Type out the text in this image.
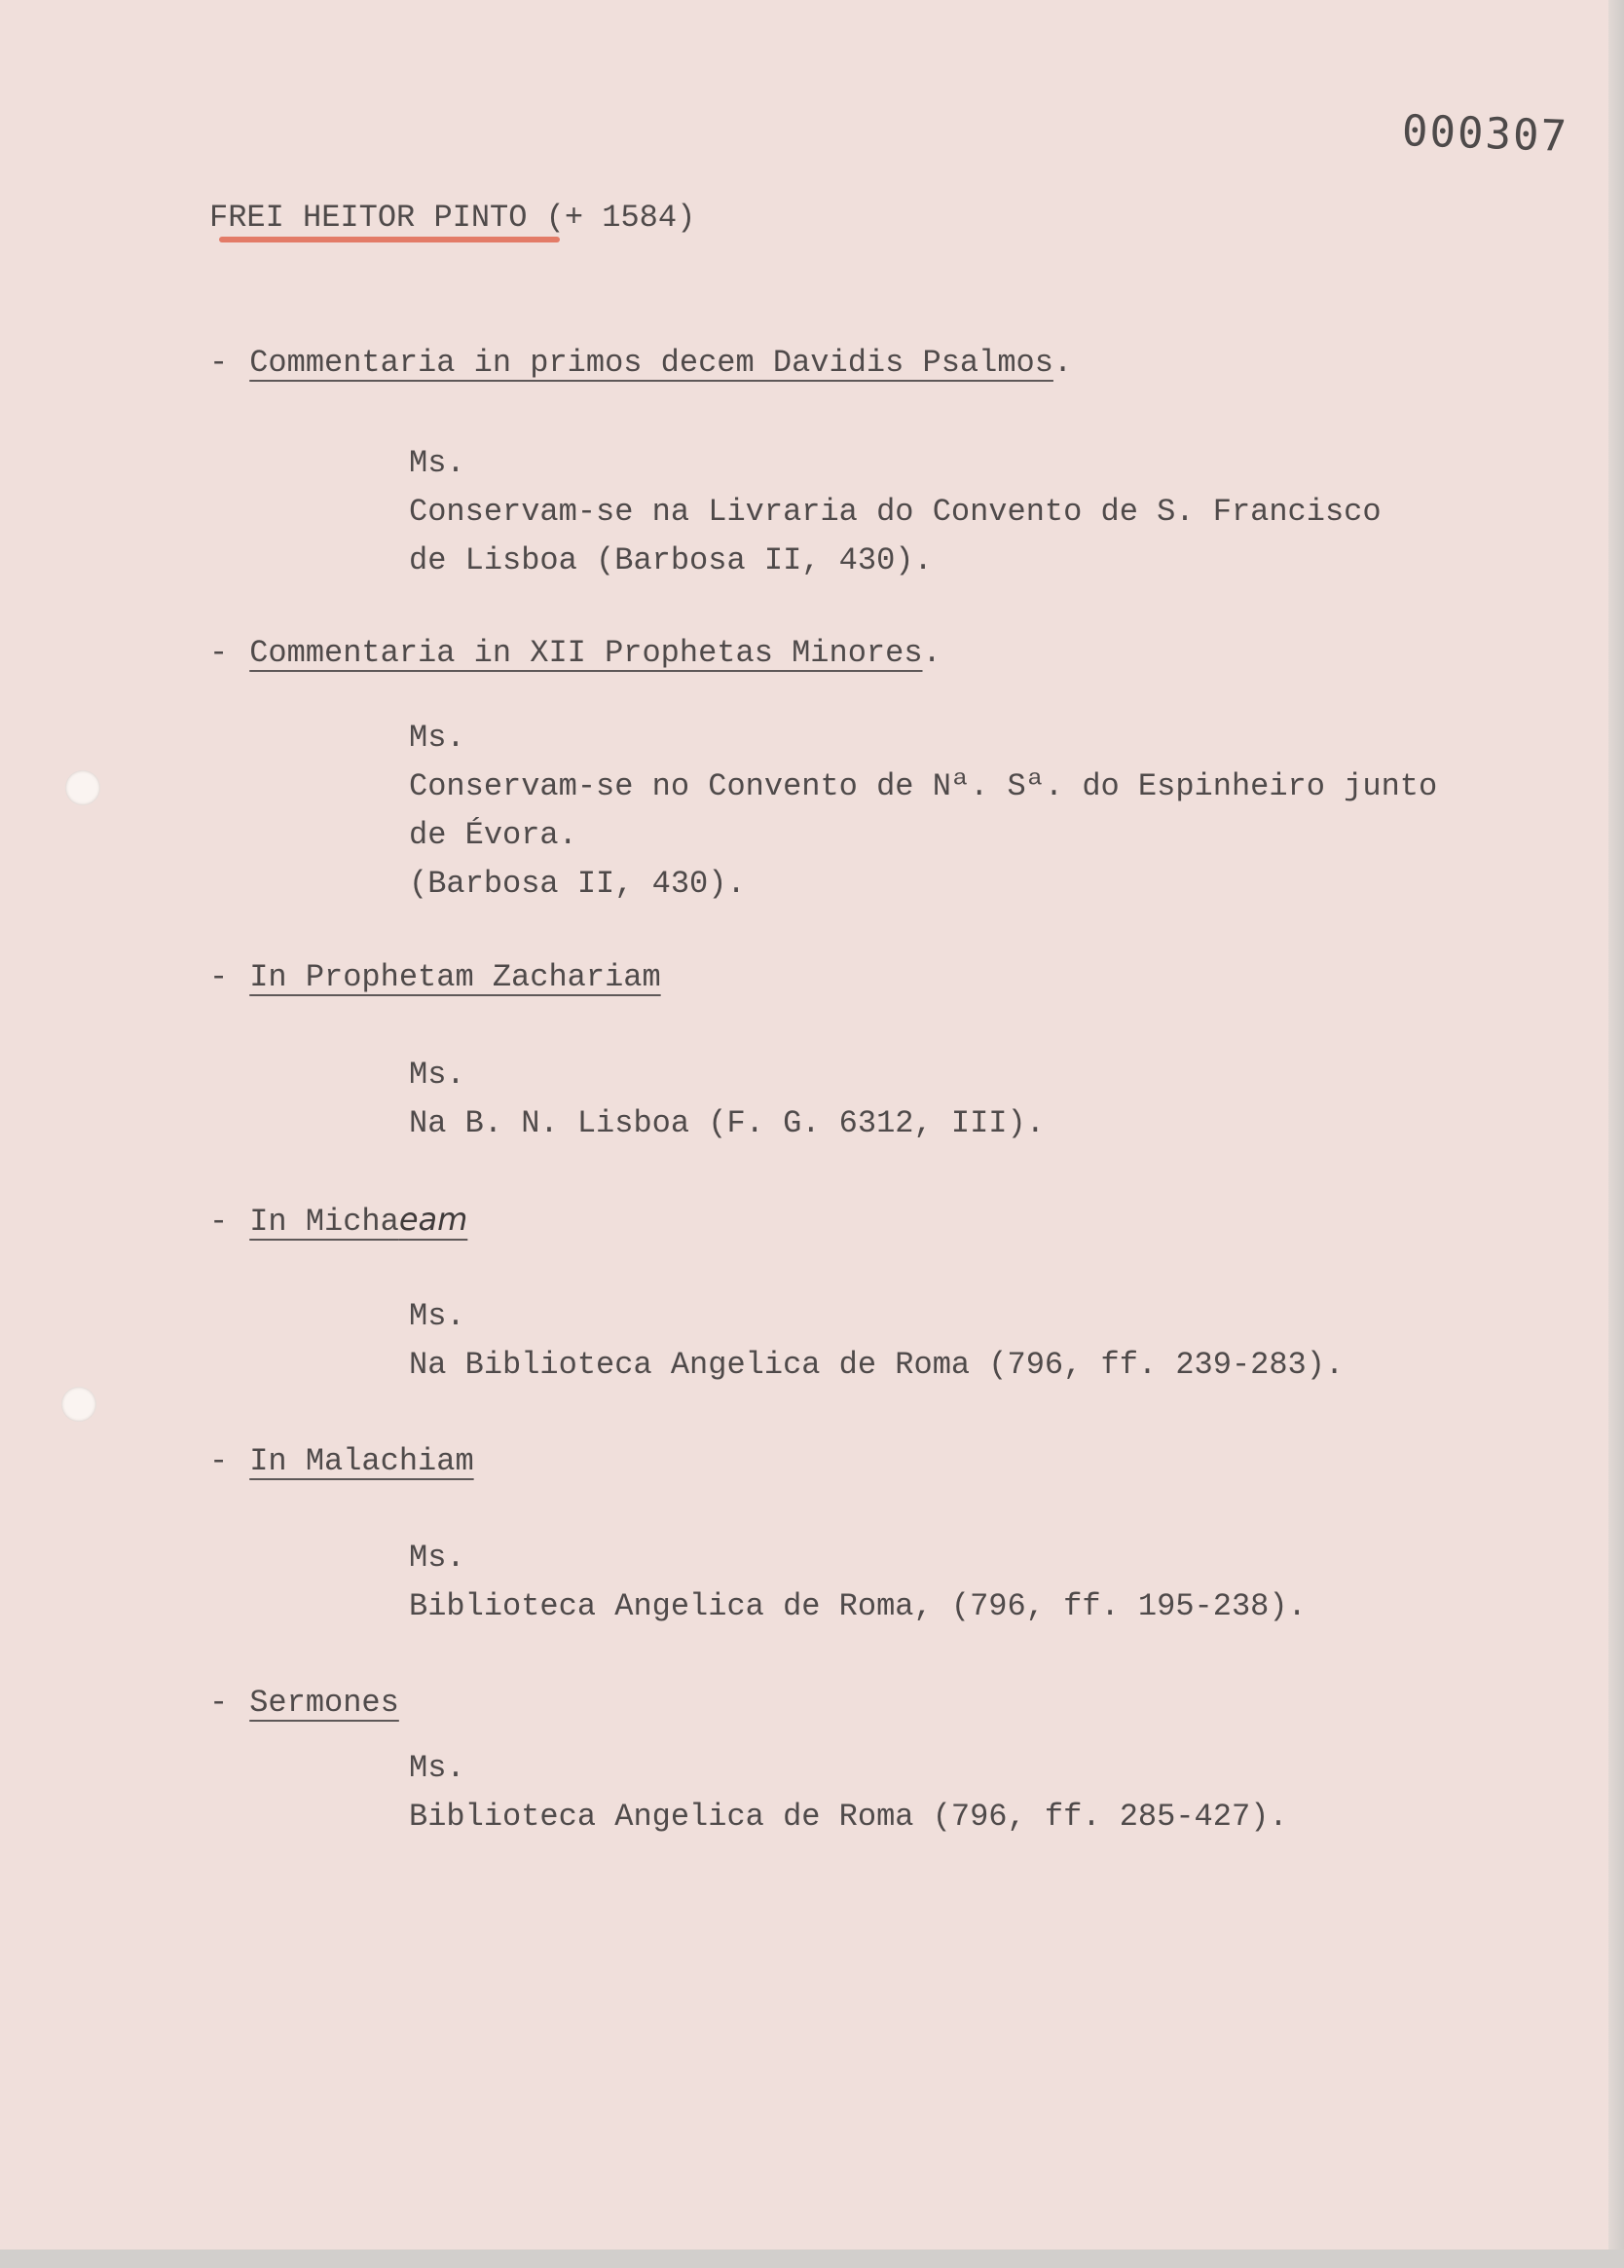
000307
FREI HEITOR PINTO (+ 1584)
- Commentaria in primos decem Davidis Psalmos.
Ms.
Conservam-se na Livraria do Convento de S. Francisco
de Lisboa (Barbosa II, 430).
- Commentaria in XII Prophetas Minores.
Ms.
Conservam-se no Convento de Nª. Sª. do Espinheiro junto
de Évora.
(Barbosa II, 430).
- In Prophetam Zachariam
Ms.
Na B. N. Lisboa (F. G. 6312, III).
- In Michaeam
Ms.
Na Biblioteca Angelica de Roma (796, ff. 239-283).
- In Malachiam
Ms.
Biblioteca Angelica de Roma, (796, ff. 195-238).
- Sermones
Ms.
Biblioteca Angelica de Roma (796, ff. 285-427).
